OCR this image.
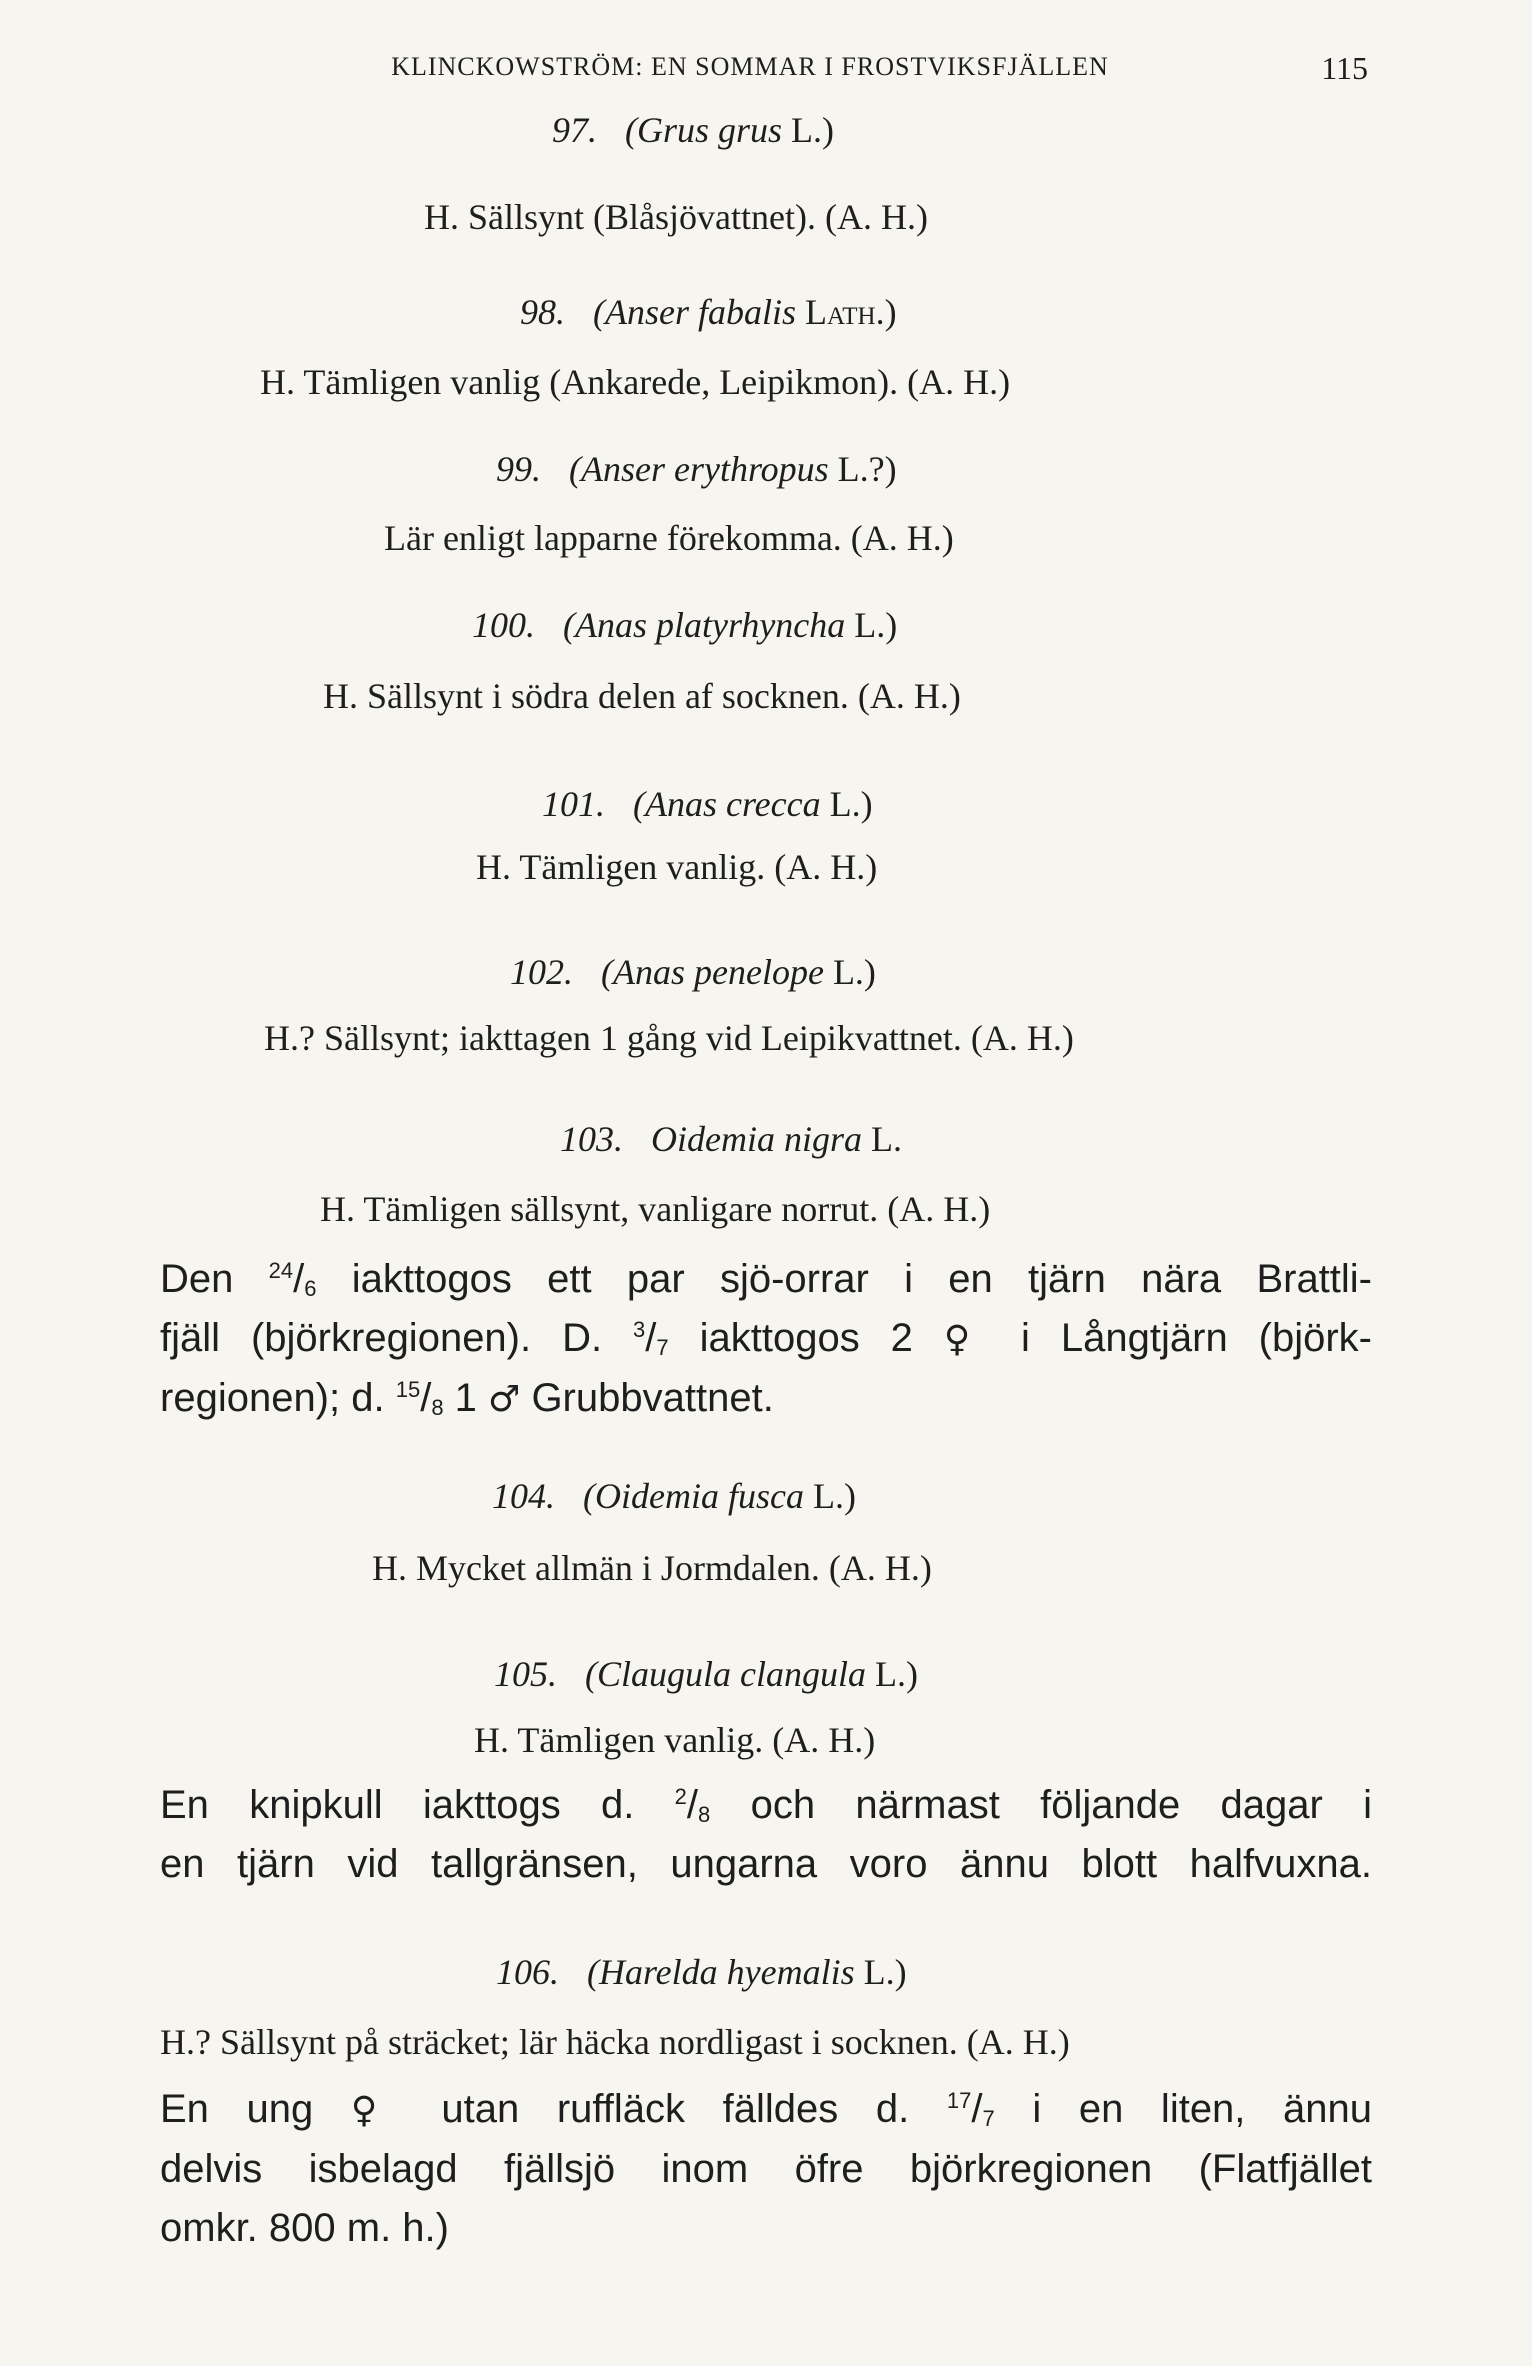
KLINCKOWSTRÖM: EN SOMMAR I FROSTVIKSFJÄLLEN	115
97. (Grus grus L.)
H. Sällsynt (Blåsjövattnet). (A. H.)
98. (Anser fabalis Lath.)
H. Tämligen vanlig (Ankarede, Leipikmon). (A. H.)
99. (Anser erythropus L.?)
Lär enligt lapparne förekomma. (A. H.)
100. (Anas platyrhyncha L.)
H. Sällsynt i södra delen af socknen. (A. H.)
101. (Anas crecca L.)
H. Tämligen vanlig. (A. H.)
102. (Anas penelope L.)
H.? Sällsynt; iakttagen 1 gång vid Leipikvattnet. (A. H.)
103. Oidemia nigra L.
H. Tämligen sällsynt, vanligare norrut. (A. H.)
Den $^{24}/_6$ iakttogos ett par sjö-orrar i en tjärn nära Brattli-
fjäll (björkregionen). D. $^3/_7$ iakttogos 2 ♀ i Långtjärn (björk-
regionen); d. $^{15}/_8$ 1 ♂ Grubbvattnet.
104. (Oidemia fusca L.)
H. Mycket allmän i Jormdalen. (A. H.)
105. (Claugula clangula L.)
H. Tämligen vanlig. (A. H.)
En knipkull iakttogs d. $^2/_8$ och närmast följande dagar i
en tjärn vid tallgränsen, ungarna voro ännu blott halfvuxna.
106. (Harelda hyemalis L.)
H.? Sällsynt på sträcket; lär häcka nordligast i socknen. (A. H.)
En ung ♀ utan ruffläck fälldes d. $^{17}/_7$ i en liten, ännu
delvis isbelagd fjällsjö inom öfre björkregionen (Flatfjället
omkr. 800 m. h.)
